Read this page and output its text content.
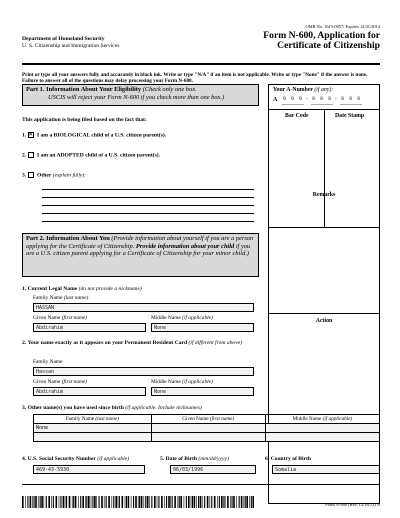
Department of Homeland Security
U. S. Citizenship and Immigration Services
OMB No. 1615-0057; Expires 12/31/2014
Form N-600, Application for
Certificate of Citizenship
Print or type all your answers fully and accurately in black ink. Write or type "N/A" if an item is not applicable. Write or type "None" if the answer is none. Failure to answer all of the questions may delay processing your Form N-600.
Part 1. Information About Your Eligibility (Check only one box.
USCIS will reject your Form N-600 if you check more than one box.)
This application is being filed based on the fact that:
1. ✕ I am a BIOLOGICAL child of a U.S. citizen parent(s).
2. I am an ADOPTED child of a U.S. citizen parent(s).
3. Other (explain fully):
Your A-Number (if any):
A 9 9 9 - 9 9 9 - 9 9 9
Bar Code	Date Stamp
Remarks
Action
Part 2. Information About You (Provide information about yourself if you are a person applying for the Certificate of Citizenship. Provide information about your child if you are a U.S. citizen parent applying for a Certificate of Citizenship for your minor child.)
1. Current Legal Name (do not provide a nickname)
Family Name (last name)
HASSAN
Given Name (first name)	Middle Name (if applicable)
Abdirahim	None
2. Your name exactly as it appears on your Permanent Resident Card (if different from above)
Family Name
Hassan
Given Name (first name)	Middle Name (if applicable)
Abdirahim	None
3. Other name(s) you have used since birth (if applicable. Include nicknames)
Family Name (last name)	Given Name (first name)	Middle Name (if applicable)
None		

4. U.S. Social Security Number (if applicable)
469-43-5930
5. Date of Birth (mm/dd/yyyy)
06/03/1996
6. Country of Birth
Somalia
Form N-600 (Rev. 12/16/12) N
